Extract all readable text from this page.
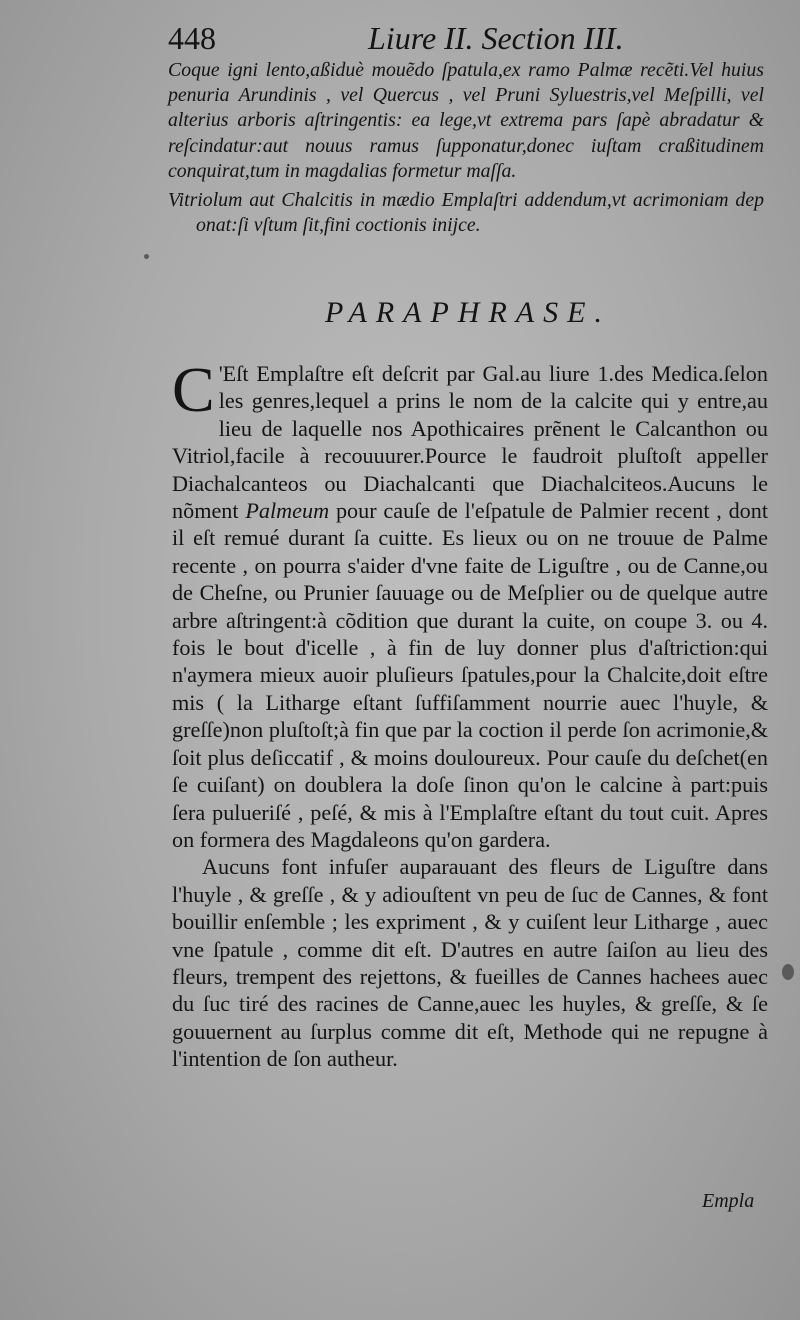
448	Liure II. Section III.

Coque igni lento,aßiduè mouẽdo ſpatula,ex ramo Palmæ recẽti.Vel huius penuria Arundinis , vel Quercus , vel Pruni Syluestris,vel Meſpilli, vel alterius arboris aſtringentis: ea lege,vt extrema pars ſapè abradatur & reſcindatur:aut nouus ramus ſupponatur,donec iuſtam craßitudinem conquirat,tum in magdalias formetur maſſa.

Vitriolum aut Chalcitis in mædio Emplaſtri addendum,vt acrimoniam dep onat:ſi vſtum ſit,fini coctionis inijce.

PARAPHRASE.

C 'Eſt Emplaſtre eſt deſcrit par Gal.au liure 1.des Medica.ſelon les genres,lequel a prins le nom de la calcite qui y entre,au lieu de laquelle nos Apothicaires prẽnent le Calcanthon ou Vitriol,facile à recouuurer.Pource le faudroit pluſtoſt appeller Diachalcanteos ou Diachalcanti que Diachalciteos.Aucuns le nõment Palmeum pour cauſe de l'eſpatule de Palmier recent , dont il eſt remué durant ſa cuitte. Es lieux ou on ne trouue de Palme recente , on pourra s'aider d'vne faite de Liguſtre , ou de Canne,ou de Cheſne, ou Prunier ſauuage ou de Meſplier ou de quelque autre arbre aſtringent:à cõdition que durant la cuite, on coupe 3. ou 4. fois le bout d'icelle , à fin de luy donner plus d'aſtriction:qui n'aymera mieux auoir pluſieurs ſpatules,pour la Chalcite,doit eſtre mis ( la Litharge eſtant ſuffiſamment nourrie auec l'huyle, & greſſe)non pluſtoſt;à fin que par la coction il perde ſon acrimonie,& ſoit plus deſiccatif , & moins douloureux. Pour cauſe du deſchet(en ſe cuiſant) on doublera la doſe ſinon qu'on le calcine à part:puis ſera pulueriſé , peſé, & mis à l'Emplaſtre eſtant du tout cuit. Apres on formera des Magdaleons qu'on gardera.

Aucuns font infuſer auparauant des fleurs de Liguſtre dans l'huyle , & greſſe , & y adiouſtent vn peu de ſuc de Cannes, & font bouillir enſemble ; les expriment , & y cuiſent leur Litharge , auec vne ſpatule , comme dit eſt. D'autres en autre ſaiſon au lieu des fleurs, trempent des rejettons, & fueilles de Cannes hachees auec du ſuc tiré des racines de Canne,auec les huyles, & greſſe, & ſe gouuernent au ſurplus comme dit eſt, Methode qui ne repugne à l'intention de ſon autheur.

Empla
